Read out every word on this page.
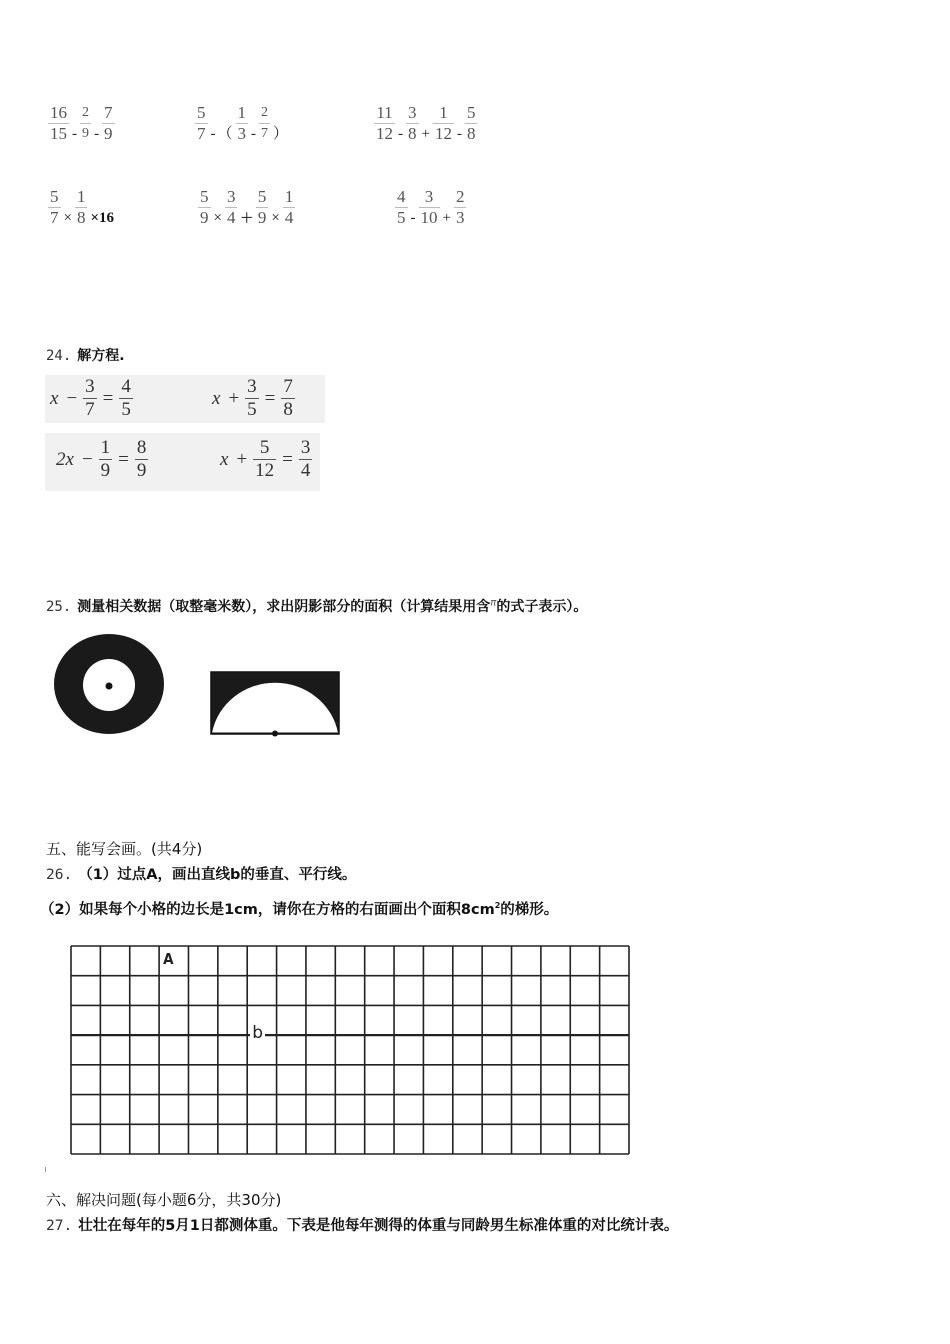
$\frac{16}{15} - \frac{2}{9} - \frac{7}{9}$	$\frac{5}{7}$ - （ $\frac{1}{3} - \frac{2}{7}$ ）	$\frac{11}{12} - \frac{3}{8} + \frac{1}{12} - \frac{5}{8}$
$\frac{5}{7} \times \frac{1}{8} \times 16$	$\frac{5}{9} \times \frac{3}{4} + \frac{5}{9} \times \frac{1}{4}$	$\frac{4}{5} - \frac{3}{10} + \frac{2}{3}$
24. 解方程.
$x - \frac{3}{7} = \frac{4}{5}$	$x + \frac{3}{5} = \frac{7}{8}$
$2x - \frac{1}{9} = \frac{8}{9}$	$x + \frac{5}{12} = \frac{3}{4}$
25. 测量相关数据（取整毫米数），求出阴影部分的面积（计算结果用含$^\pi$的式子表示）。
五、能写会画。(共4分)
26. （1）过点A，画出直线b的垂直、平行线。
（2）如果每个小格的边长是1cm，请你在方格的右面画出个面积$8cm^2$的梯形。
A
b
六、解决问题(每小题6分，共30分)
27. 壮壮在每年的5月1日都测体重。下表是他每年测得的体重与同龄男生标准体重的对比统计表。
